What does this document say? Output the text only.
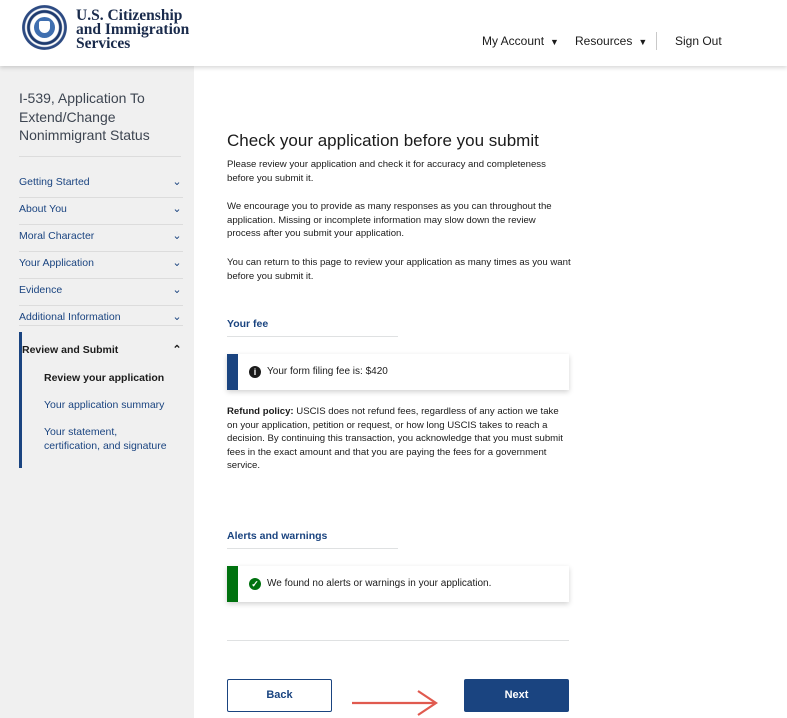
U.S. Citizenship
and Immigration
Services	My Account ▼ Resources ▼ Sign Out
I-539, Application To Extend/Change Nonimmigrant Status
Getting Started	⌄
About You	⌄
Moral Character	⌄
Your Application	⌄
Evidence	⌄
Additional Information	⌄
Review and Submit	⌃
Review your application
Your application summary
Your statement,
certification, and signature
Check your application before you submit
Please review your application and check it for accuracy and completeness before you submit it.
We encourage you to provide as many responses as you can throughout the application. Missing or incomplete information may slow down the review process after you submit your application.
You can return to this page to review your application as many times as you want before you submit it.
Your fee
i	Your form filing fee is: $420
Refund policy: USCIS does not refund fees, regardless of any action we take on your application, petition or request, or how long USCIS takes to reach a decision. By continuing this transaction, you acknowledge that you must submit fees in the exact amount and that you are paying the fees for a government service.
Alerts and warnings
✓ We found no alerts or warnings in your application.
Back	Next
